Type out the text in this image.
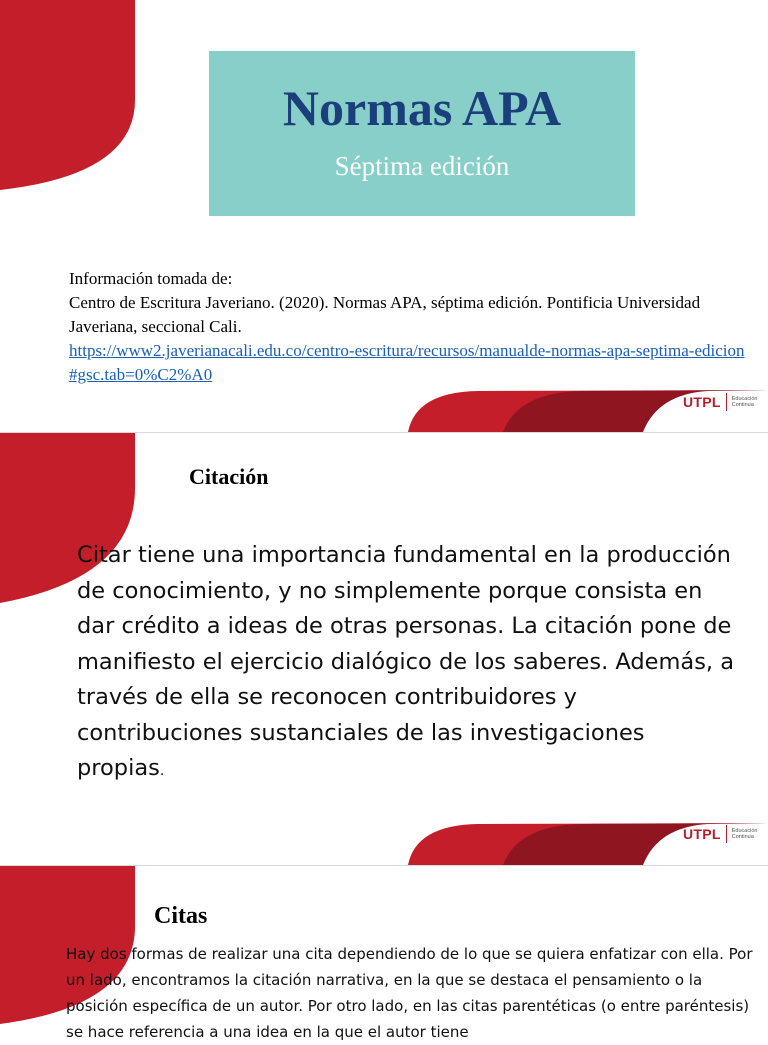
Normas APA
Séptima edición
Información tomada de:
Centro de Escritura Javeriano. (2020). Normas APA, séptima edición. Pontificia Universidad Javeriana, seccional Cali.
https://www2.javerianacali.edu.co/centro-escritura/recursos/manualde-normas-apa-septima-edicion#gsc.tab=0%C2%A0
UTPL Educación
Continua
Citación
Citar tiene una importancia fundamental en la producción de conocimiento, y no simplemente porque consista en dar crédito a ideas de otras personas. La citación pone de manifiesto el ejercicio dialógico de los saberes. Además, a través de ella se reconocen contribuidores y contribuciones sustanciales de las investigaciones propias.
UTPL Educación
Continua
Citas
Hay dos formas de realizar una cita dependiendo de lo que se quiera enfatizar con ella. Por un lado, encontramos la citación narrativa, en la que se destaca el pensamiento o la posición específica de un autor. Por otro lado, en las citas parentéticas (o entre paréntesis) se hace referencia a una idea en la que el autor tiene
